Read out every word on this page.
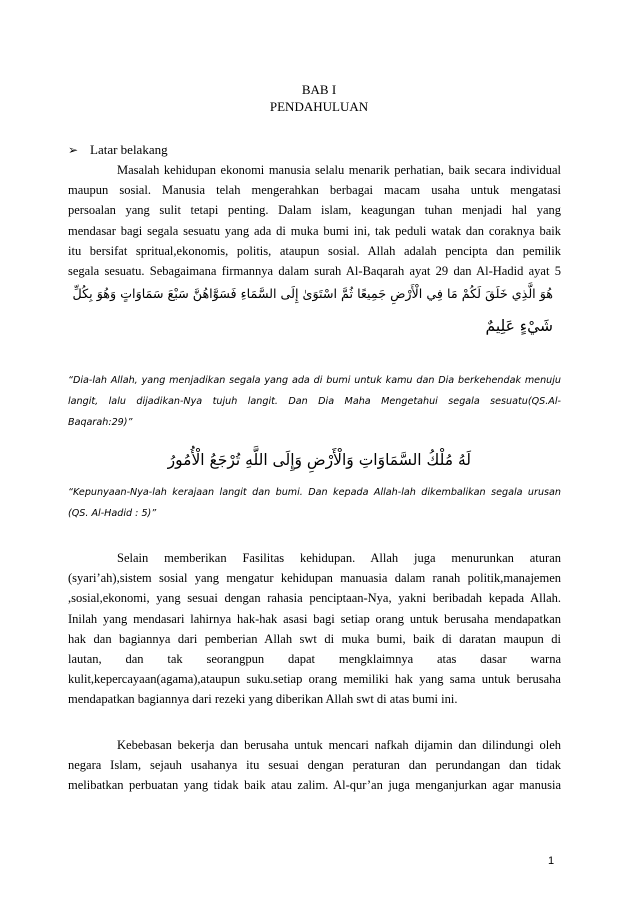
BAB I
PENDAHULUAN
➢ Latar belakang
Masalah kehidupan ekonomi manusia selalu menarik perhatian, baik secara individual
maupun sosial. Manusia telah mengerahkan berbagai macam usaha untuk mengatasi
persoalan yang sulit tetapi penting. Dalam islam, keagungan tuhan menjadi hal yang
mendasar bagi segala sesuatu yang ada di muka bumi ini, tak peduli watak dan coraknya baik
itu bersifat spritual,ekonomis, politis, ataupun sosial. Allah adalah pencipta dan pemilik
segala sesuatu. Sebagaimana firmannya dalam surah Al-Baqarah ayat 29 dan Al-Hadid ayat 5
هُوَ الَّذِي خَلَقَ لَكُمْ مَا فِي الْأَرْضِ جَمِيعًا ثُمَّ اسْتَوَىٰ إِلَى السَّمَاءِ فَسَوَّاهُنَّ سَبْعَ سَمَاوَاتٍ وَهُوَ بِكُلِّ
شَيْءٍ عَلِيمٌ
“Dia-lah Allah, yang menjadikan segala yang ada di bumi untuk kamu dan Dia berkehendak menuju
langit, lalu dijadikan-Nya tujuh langit. Dan Dia Maha Mengetahui segala sesuatu(QS.Al-
Baqarah:29)”
لَهُ مُلْكُ السَّمَاوَاتِ وَالْأَرْضِ وَإِلَى اللَّهِ تُرْجَعُ الْأُمُورُ
“Kepunyaan-Nya-lah kerajaan langit dan bumi. Dan kepada Allah-lah dikembalikan segala urusan
(QS. Al-Hadid : 5)”
Selain memberikan Fasilitas kehidupan. Allah juga menurunkan aturan
(syari’ah),sistem sosial yang mengatur kehidupan manuasia dalam ranah politik,manajemen
,sosial,ekonomi, yang sesuai dengan rahasia penciptaan-Nya, yakni beribadah kepada Allah.
Inilah yang mendasari lahirnya hak-hak asasi bagi setiap orang untuk berusaha mendapatkan
hak dan bagiannya dari pemberian Allah swt di muka bumi, baik di daratan maupun di
lautan, dan tak seorangpun dapat mengklaimnya atas dasar warna
kulit,kepercayaan(agama),ataupun suku.setiap orang memiliki hak yang sama untuk berusaha
mendapatkan bagiannya dari rezeki yang diberikan Allah swt di atas bumi ini.
Kebebasan bekerja dan berusaha untuk mencari nafkah dijamin dan dilindungi oleh
negara Islam, sejauh usahanya itu sesuai dengan peraturan dan perundangan dan tidak
melibatkan perbuatan yang tidak baik atau zalim. Al-qur’an juga menganjurkan agar manusia
1
